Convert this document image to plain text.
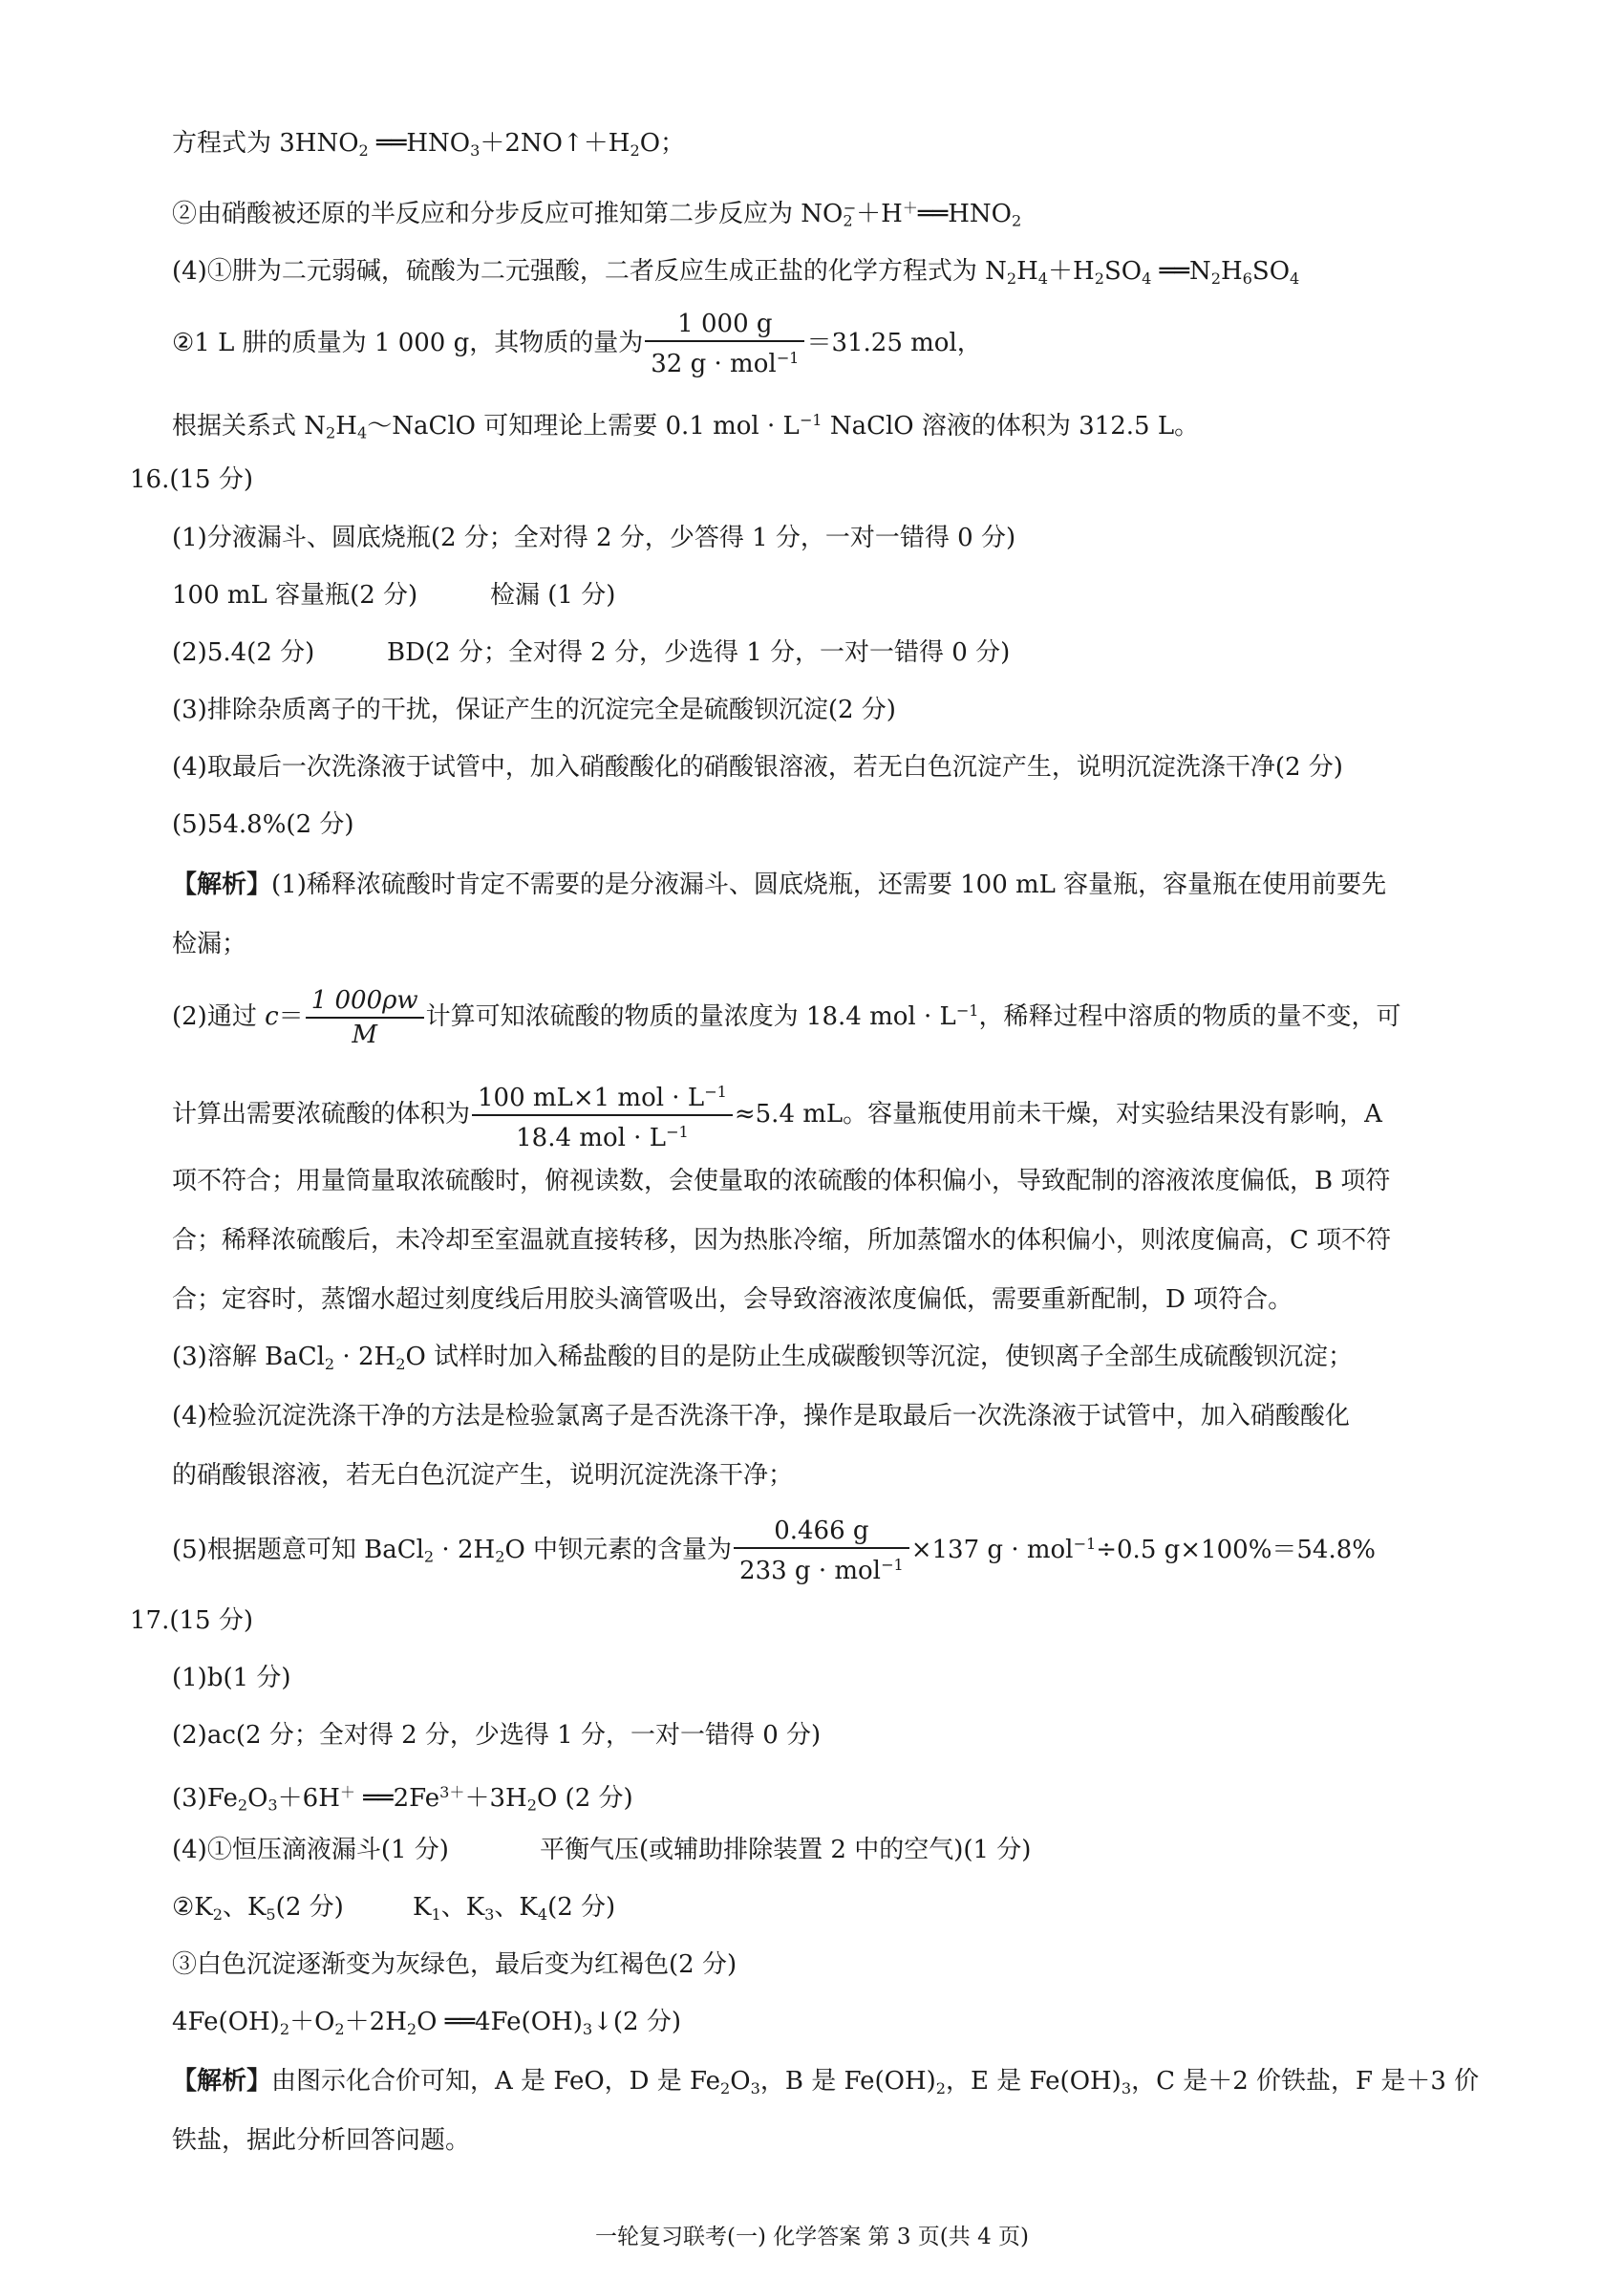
方程式为 $3HNO_2$ $══HNO_3+2NO↑+H_2O$；
②由硝酸被还原的半反应和分步反应可推知第二步反应为 $NO_2^-+H^+══HNO_2$
(4)①肼为二元弱碱，硫酸为二元强酸，二者反应生成正盐的化学方程式为 $N_2H_4+H_2SO_4$ $══N_2H_6SO_4$
②1 L 肼的质量为 1 000 g，其物质的量为 $\frac{1 000 g}{32 g \cdot mol^{-1}} =31.25$ mol，
根据关系式 $N_2H_4\sim NaClO$ 可知理论上需要 0.1 mol · $L^{-1}$ NaClO 溶液的体积为 312.5 L。
16.(15 分)
(1)分液漏斗、圆底烧瓶(2 分；全对得 2 分，少答得 1 分，一对一错得 0 分)
100 mL 容量瓶(2 分)	检漏 (1 分)
(2)5.4(2 分)	BD(2 分；全对得 2 分，少选得 1 分，一对一错得 0 分)
(3)排除杂质离子的干扰，保证产生的沉淀完全是硫酸钡沉淀(2 分)
(4)取最后一次洗涤液于试管中，加入硝酸酸化的硝酸银溶液，若无白色沉淀产生，说明沉淀洗涤干净(2 分)
(5)54.8%(2 分)
【解析】(1)稀释浓硫酸时肯定不需要的是分液漏斗、圆底烧瓶，还需要 100 mL 容量瓶，容量瓶在使用前要先
检漏；
(2)通过 $c= \frac{1 000\rho w}{M}$ 计算可知浓硫酸的物质的量浓度为 18.4 mol · $L^{-1}$，稀释过程中溶质的物质的量不变，可
计算出需要浓硫酸的体积为 $\frac{100 mL\times 1 mol \cdot L^{-1}}{18.4 mol \cdot L^{-1}} \approx 5.4$ mL。容量瓶使用前未干燥，对实验结果没有影响，A
项不符合；用量筒量取浓硫酸时，俯视读数，会使量取的浓硫酸的体积偏小，导致配制的溶液浓度偏低，B 项符
合；稀释浓硫酸后，未冷却至室温就直接转移，因为热胀冷缩，所加蒸馏水的体积偏小，则浓度偏高，C 项不符
合；定容时，蒸馏水超过刻度线后用胶头滴管吸出，会导致溶液浓度偏低，需要重新配制，D 项符合。
(3)溶解 BaCl$_2$ · $2H_2O$ 试样时加入稀盐酸的目的是防止生成碳酸钡等沉淀，使钡离子全部生成硫酸钡沉淀；
(4)检验沉淀洗涤干净的方法是检验氯离子是否洗涤干净，操作是取最后一次洗涤液于试管中，加入硝酸酸化
的硝酸银溶液，若无白色沉淀产生，说明沉淀洗涤干净；
(5)根据题意可知 BaCl$_2$ · $2H_2O$ 中钡元素的含量为 $\frac{0.466 g}{233 g \cdot mol^{-1}} \times 137$ g · mol$^{-1}$÷0.5 g×100%＝54.8%
17.(15 分)
(1)b(1 分)
(2)ac(2 分；全对得 2 分，少选得 1 分，一对一错得 0 分)
$(3)Fe_2O_3+6H^+$ $══2Fe^{3+}+3H_2O$ (2 分)
(4)①恒压滴液漏斗(1 分)	平衡气压(或辅助排除装置 2 中的空气)(1 分)
$②K_2$、$K_5(2$ 分)	$K_1$、$K_3$、$K_4(2$ 分)
③白色沉淀逐渐变为灰绿色，最后变为红褐色(2 分)
$4Fe(OH)_2+O_2+2H_2O$ $══4Fe(OH)_3↓(2$ 分)
【解析】由图示化合价可知，A 是 FeO，D 是 $Fe_2O_3$，B 是 $Fe(OH)_2$，E 是 $Fe(OH)_3$，C 是＋2 价铁盐，F 是＋3 价
铁盐，据此分析回答问题。
一轮复习联考(一) 化学答案 第 3 页(共 4 页)
